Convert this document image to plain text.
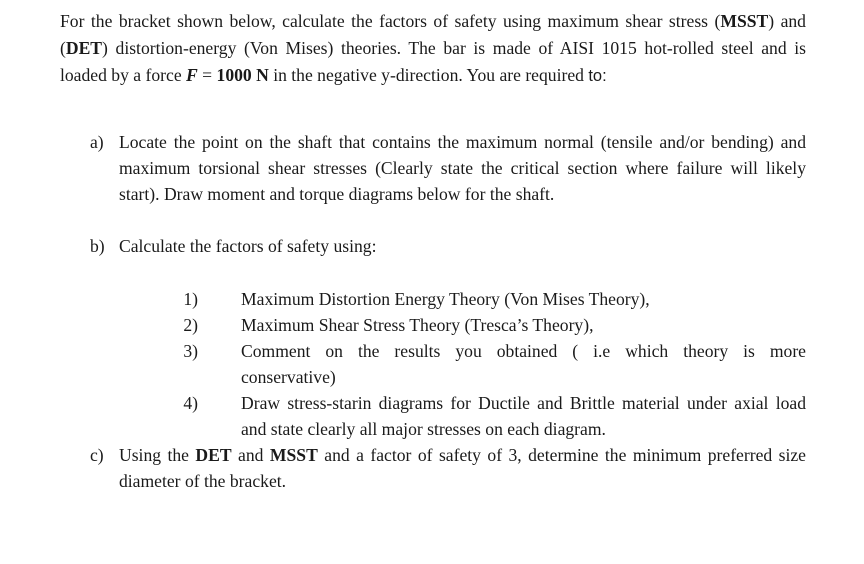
For the bracket shown below, calculate the factors of safety using maximum shear stress (MSST) and (DET) distortion-energy (Von Mises) theories. The bar is made of AISI 1015 hot-rolled steel and is loaded by a force F = 1000 N in the negative y-direction. You are required to:

a) Locate the point on the shaft that contains the maximum normal (tensile and/or bending) and maximum torsional shear stresses (Clearly state the critical section where failure will likely start). Draw moment and torque diagrams below for the shaft.
b) Calculate the factors of safety using:
1) Maximum Distortion Energy Theory (Von Mises Theory),
2) Maximum Shear Stress Theory (Tresca’s Theory),
3) Comment on the results you obtained ( i.e which theory is more
conservative)
4) Draw stress-starin diagrams for Ductile and Brittle material under axial load and state clearly all major stresses on each diagram.
c) Using the DET and MSST and a factor of safety of 3, determine the minimum preferred size diameter of the bracket.
